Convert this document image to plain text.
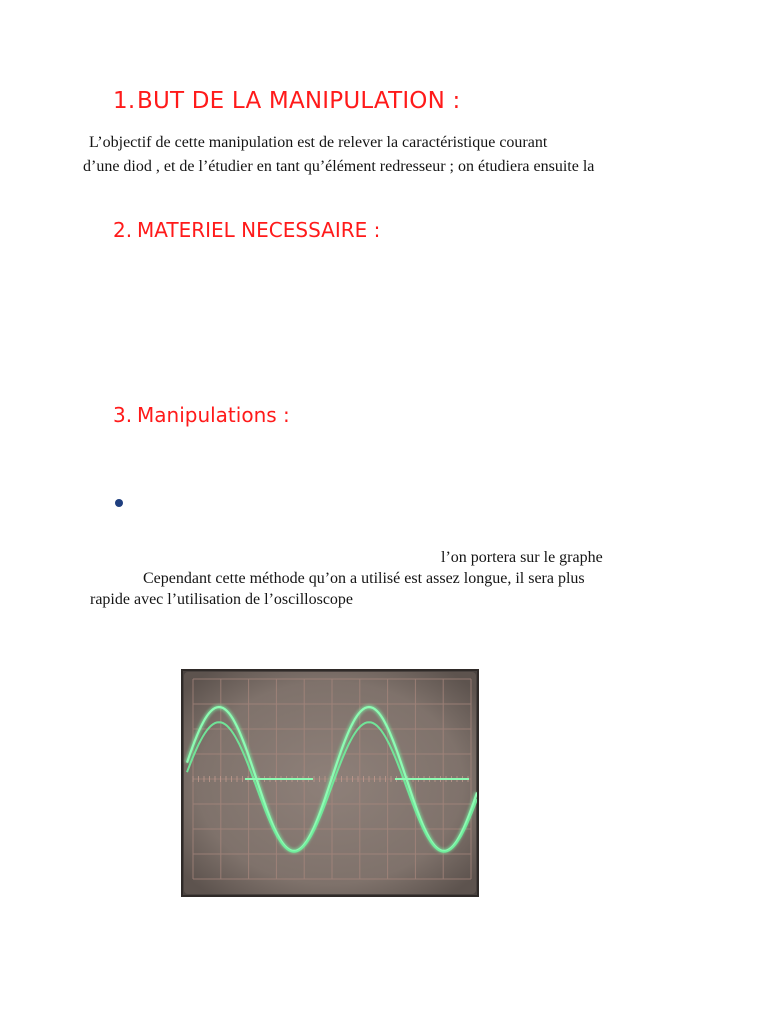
1.BUT DE LA MANIPULATION :

L’objectif de cette manipulation est de relever la caractéristique courant

d’une diod , et de l’étudier en tant qu’élément redresseur ; on étudiera ensuite la

2. MATERIEL NECESSAIRE :
3. Manipulations :

l’on portera sur le graphe

Cependant cette méthode qu’on a utilisé est assez longue, il sera plus

rapide avec l’utilisation de l’oscilloscope
